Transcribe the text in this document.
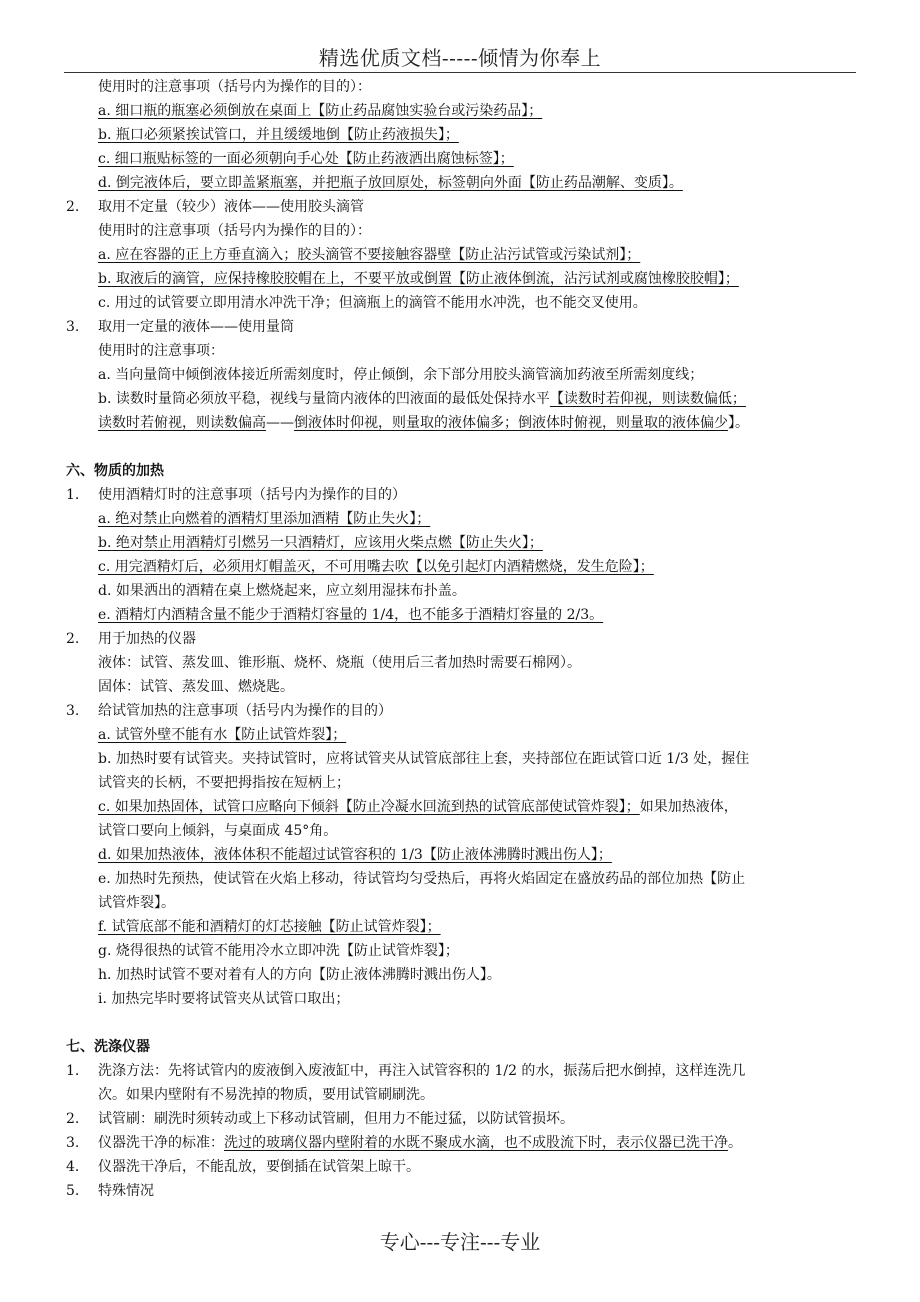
精选优质文档-----倾情为你奉上
使用时的注意事项（括号内为操作的目的）：
a. 细口瓶的瓶塞必须倒放在桌面上【防止药品腐蚀实验台或污染药品】；
b. 瓶口必须紧挨试管口，并且缓缓地倒【防止药液损失】；
c. 细口瓶贴标签的一面必须朝向手心处【防止药液洒出腐蚀标签】；
d. 倒完液体后，要立即盖紧瓶塞，并把瓶子放回原处，标签朝向外面【防止药品潮解、变质】。
2. 取用不定量（较少）液体——使用胶头滴管
使用时的注意事项（括号内为操作的目的）：
a. 应在容器的正上方垂直滴入；胶头滴管不要接触容器壁【防止沾污试管或污染试剂】；
b. 取液后的滴管，应保持橡胶胶帽在上，不要平放或倒置【防止液体倒流，沾污试剂或腐蚀橡胶胶帽】；
c. 用过的试管要立即用清水冲洗干净；但滴瓶上的滴管不能用水冲洗，也不能交叉使用。
3. 取用一定量的液体——使用量筒
使用时的注意事项：
a. 当向量筒中倾倒液体接近所需刻度时，停止倾倒，余下部分用胶头滴管滴加药液至所需刻度线；
b. 读数时量筒必须放平稳，视线与量筒内液体的凹液面的最低处保持水平【读数时若仰视，则读数偏低；
读数时若俯视，则读数偏高——倒液体时仰视，则量取的液体偏多；倒液体时俯视，则量取的液体偏少】。
六、物质的加热
1. 使用酒精灯时的注意事项（括号内为操作的目的）
a. 绝对禁止向燃着的酒精灯里添加酒精【防止失火】；
b. 绝对禁止用酒精灯引燃另一只酒精灯，应该用火柴点燃【防止失火】；
c. 用完酒精灯后，必须用灯帽盖灭，不可用嘴去吹【以免引起灯内酒精燃烧，发生危险】；
d. 如果洒出的酒精在桌上燃烧起来，应立刻用湿抹布扑盖。
e. 酒精灯内酒精含量不能少于酒精灯容量的 1/4，也不能多于酒精灯容量的 2/3。
2. 用于加热的仪器
液体：试管、蒸发皿、锥形瓶、烧杯、烧瓶（使用后三者加热时需要石棉网）。
固体：试管、蒸发皿、燃烧匙。
3. 给试管加热的注意事项（括号内为操作的目的）
a. 试管外壁不能有水【防止试管炸裂】；
b. 加热时要有试管夹。夹持试管时，应将试管夹从试管底部往上套，夹持部位在距试管口近 1/3 处，握住
试管夹的长柄，不要把拇指按在短柄上；
c. 如果加热固体，试管口应略向下倾斜【防止冷凝水回流到热的试管底部使试管炸裂】；如果加热液体，
试管口要向上倾斜，与桌面成 45°角。
d. 如果加热液体，液体体积不能超过试管容积的 1/3【防止液体沸腾时溅出伤人】；
e. 加热时先预热，使试管在火焰上移动，待试管均匀受热后，再将火焰固定在盛放药品的部位加热【防止
试管炸裂】。
f. 试管底部不能和酒精灯的灯芯接触【防止试管炸裂】；
g. 烧得很热的试管不能用冷水立即冲洗【防止试管炸裂】；
h. 加热时试管不要对着有人的方向【防止液体沸腾时溅出伤人】。
i. 加热完毕时要将试管夹从试管口取出；
七、洗涤仪器
1. 洗涤方法：先将试管内的废液倒入废液缸中，再注入试管容积的 1/2 的水，振荡后把水倒掉，这样连洗几
次。如果内壁附有不易洗掉的物质，要用试管刷刷洗。
2. 试管刷：刷洗时须转动或上下移动试管刷，但用力不能过猛，以防试管损坏。
3. 仪器洗干净的标准：洗过的玻璃仪器内壁附着的水既不聚成水滴，也不成股流下时，表示仪器已洗干净。
4. 仪器洗干净后，不能乱放，要倒插在试管架上晾干。
5. 特殊情况
专心---专注---专业
